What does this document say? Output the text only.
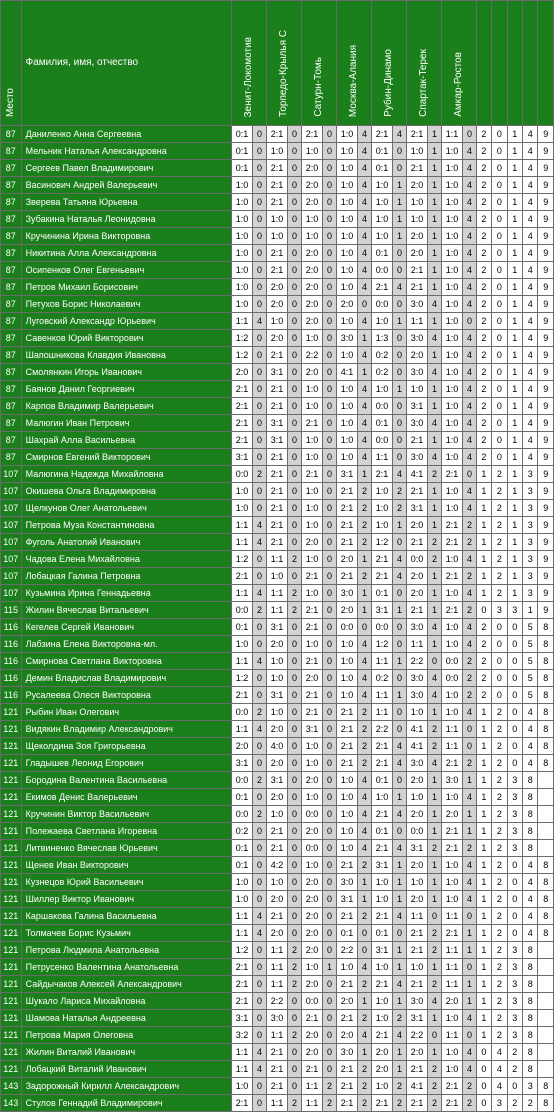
Место	Фамилия, имя, отчество	Зенит-Локомотив		Торпедо-Крылья С		Сатурн-Томь		Москва-Алания		Рубин-Динамо		Спартак-Терек		Амкар-Ростов						
87	Даниленко Анна Сергеевна	0:1	0	2:1	0	2:1	0	1:0	4	2:1	4	2:1	1	1:1	0	2	0	1	4	9
87	Мельник Наталья Александровна	0:1	0	1:0	0	1:0	0	1:0	4	0:1	0	1:0	1	1:0	4	2	0	1	4	9
87	Сергеев Павел Владимирович	0:1	0	2:1	0	2:0	0	1:0	4	0:1	0	2:1	1	1:0	4	2	0	1	4	9
87	Васинович Андрей Валерьевич	1:0	0	2:1	0	2:0	0	1:0	4	1:0	1	2:0	1	1:0	4	2	0	1	4	9
87	Зверева Татьяна Юрьевна	1:0	0	2:1	0	2:0	0	1:0	4	1:0	1	1:0	1	1:0	4	2	0	1	4	9
87	Зубакина Наталья Леонидовна	1:0	0	1:0	0	1:0	0	1:0	4	1:0	1	1:0	1	1:0	4	2	0	1	4	9
87	Кручинина Ирина Викторовна	1:0	0	1:0	0	1:0	0	1:0	4	1:0	1	2:0	1	1:0	4	2	0	1	4	9
87	Никитина Алла Александровна	1:0	0	2:1	0	2:0	0	1:0	4	0:1	0	2:0	1	1:0	4	2	0	1	4	9
87	Осипенков Олег Евгеньевич	1:0	0	2:1	0	2:0	0	1:0	4	0:0	0	2:1	1	1:0	4	2	0	1	4	9
87	Петров Михаил Борисович	1:0	0	2:0	0	2:0	0	1:0	4	2:1	4	2:1	1	1:0	4	2	0	1	4	9
87	Петухов Борис Николаевич	1:0	0	2:0	0	2:0	0	2:0	0	0:0	0	3:0	4	1:0	4	2	0	1	4	9
87	Луговский Александр Юрьевич	1:1	4	1:0	0	2:0	0	1:0	4	1:0	1	1:1	1	1:0	0	2	0	1	4	9
87	Савенков Юрий Викторович	1:2	0	2:0	0	1:0	0	3:0	1	1:3	0	3:0	4	1:0	4	2	0	1	4	9
87	Шапошникова Клавдия Ивановна	1:2	0	2:1	0	2:2	0	1:0	4	0:2	0	2:0	1	1:0	4	2	0	1	4	9
87	Смолянкин Игорь Иванович	2:0	0	3:1	0	2:0	0	4:1	1	0:2	0	3:0	4	1:0	4	2	0	1	4	9
87	Баянов Данил Георгиевич	2:1	0	2:1	0	1:0	0	1:0	4	1:0	1	1:0	1	1:0	4	2	0	1	4	9
87	Карпов Владимир Валерьевич	2:1	0	2:1	0	1:0	0	1:0	4	0:0	0	3:1	1	1:0	4	2	0	1	4	9
87	Малюгин Иван Петрович	2:1	0	3:1	0	2:1	0	1:0	4	0:1	0	3:0	4	1:0	4	2	0	1	4	9
87	Шахрай Алла Васильевна	2:1	0	3:1	0	1:0	0	1:0	4	0:0	0	2:1	1	1:0	4	2	0	1	4	9
87	Смирнов Евгений Викторович	3:1	0	2:1	0	1:0	0	1:0	4	1:1	0	3:0	4	1:0	4	2	0	1	4	9
107	Малюгина Надежда Михайловна	0:0	2	2:1	0	2:1	0	3:1	1	2:1	4	4:1	2	2:1	0	1	2	1	3	9
107	Окишева Ольга Владимировна	1:0	0	2:1	0	1:0	0	2:1	2	1:0	2	2:1	1	1:0	4	1	2	1	3	9
107	Щелкунов Олег Анатольевич	1:0	0	2:1	0	1:0	0	2:1	2	1:0	2	3:1	1	1:0	4	1	2	1	3	9
107	Петрова Муза Константиновна	1:1	4	2:1	0	1:0	0	2:1	2	1:0	1	2:0	1	2:1	2	1	2	1	3	9
107	Фуголь Анатолий Иванович	1:1	4	2:1	0	2:0	0	2:1	2	1:2	0	2:1	2	2:1	2	1	2	1	3	9
107	Чадова Елена Михайловна	1:2	0	1:1	2	1:0	0	2:0	1	2:1	4	0:0	2	1:0	4	1	2	1	3	9
107	Лобацкая Галина Петровна	2:1	0	1:0	0	2:1	0	2:1	2	2:1	4	2:0	1	2:1	2	1	2	1	3	9
107	Кузьмина Ирина Геннадьевна	1:1	4	1:1	2	1:0	0	3:0	1	0:1	0	2:0	1	1:0	4	1	2	1	3	9
115	Жилин Вячеслав Витальевич	0:0	2	1:1	2	2:1	0	2:0	1	3:1	1	2:1	1	2:1	2	0	3	3	1	9
116	Кегелев Сергей Иванович	0:1	0	3:1	0	2:1	0	0:0	0	0:0	0	3:0	4	1:0	4	2	0	0	5	8
116	Лабзина Елена Викторовна-мл.	1:0	0	2:0	0	1:0	0	1:0	4	1:2	0	1:1	1	1:0	4	2	0	0	5	8
116	Смирнова Светлана Викторовна	1:1	4	1:0	0	2:1	0	1:0	4	1:1	1	2:2	0	0:0	2	2	0	0	5	8
116	Демин Владислав Владимирович	1:2	0	1:0	0	2:0	0	1:0	4	0:2	0	3:0	4	0:0	2	2	0	0	5	8
116	Русалеева Олеся Викторовна	2:1	0	3:1	0	2:1	0	1:0	4	1:1	1	3:0	4	1:0	2	2	0	0	5	8
121	Рыбин Иван Олегович	0:0	2	1:0	0	2:1	0	2:1	2	1:1	0	1:0	1	1:0	4	1	2	0	4	8
121	Видякин Владимир Александрович	1:1	4	2:0	0	3:1	0	2:1	2	2:2	0	4:1	2	1:1	0	1	2	0	4	8
121	Щеколдина Зоя Григорьевна	2:0	0	4:0	0	1:0	0	2:1	2	2:1	4	4:1	2	1:1	0	1	2	0	4	8
121	Гладышев Леонид Егорович	3:1	0	2:0	0	1:0	0	2:1	2	2:1	4	3:0	4	2:1	2	1	2	0	4	8
121	Бородина Валентина Васильевна	0:0	2	3:1	0	2:0	0	1:0	4	0:1	0	2:0	1	3:0	1	1	2	3	8	
121	Екимов Денис Валерьевич	0:1	0	2:0	0	1:0	0	1:0	4	1:0	1	1:0	1	1:0	4	1	2	3	8	
121	Кручинин Виктор Васильевич	0:0	2	1:0	0	0:0	0	1:0	4	2:1	4	2:0	1	2:0	1	1	2	3	8	
121	Полежаева Светлана Игоревна	0:2	0	2:1	0	2:0	0	1:0	4	0:1	0	0:0	1	2:1	1	1	2	3	8	
121	Литвиненко Вячеслав Юрьевич	0:1	0	2:1	0	0:0	0	1:0	4	2:1	4	3:1	2	2:1	2	1	2	3	8	
121	Щенев Иван Викторович	0:1	0	4:2	0	1:0	0	2:1	2	3:1	1	2:0	1	1:0	4	1	2	0	4	8
121	Кузнецов Юрий Васильевич	1:0	0	1:0	0	2:0	0	3:0	1	1:0	1	1:0	1	1:0	4	1	2	0	4	8
121	Шиллер Виктор Иванович	1:0	0	2:0	0	2:0	0	3:1	1	1:0	1	2:0	1	1:0	4	1	2	0	4	8
121	Каршакова Галина Васильевна	1:1	4	2:1	0	2:0	0	2:1	2	2:1	4	1:1	0	1:1	0	1	2	0	4	8
121	Толмачев Борис Кузьмич	1:1	4	2:0	0	2:0	0	0:1	0	0:1	0	2:1	2	2:1	1	1	2	0	4	8
121	Петрова Людмила Анатольевна	1:2	0	1:1	2	2:0	0	2:2	0	3:1	1	2:1	2	1:1	1	1	2	3	8	
121	Петрусенко Валентина Анатольевна	2:1	0	1:1	2	1:0	1	1:0	4	1:0	1	1:0	1	1:1	0	1	2	3	8	
121	Сайдычаков Алексей Александрович	2:1	0	1:1	2	2:0	0	2:1	2	2:1	4	2:1	2	1:1	1	1	2	3	8	
121	Шукало Лариса Михайловна	2:1	0	2:2	0	0:0	0	2:0	1	1:0	1	3:0	4	2:0	1	1	2	3	8	
121	Шамова Наталья Андреевна	3:1	0	3:0	0	2:1	0	2:1	2	1:0	2	3:1	1	1:0	4	1	2	3	8	
121	Петрова Мария Олеговна	3:2	0	1:1	2	2:0	0	2:0	4	2:1	4	2:2	0	1:1	0	1	2	3	8	
121	Жилин Виталий Иванович	1:1	4	2:1	0	2:0	0	3:0	1	2:0	1	2:0	1	1:0	4	0	4	2	8	
121	Лобацкий Виталий Иванович	1:1	4	2:1	0	2:1	0	2:1	2	2:0	1	2:1	2	1:0	4	0	4	2	8	
143	Задорожный Кирилл Александрович	1:0	0	2:1	0	1:1	2	2:1	2	1:0	2	4:1	2	2:1	2	0	4	0	3	8
143	Стулов Геннадий Владимирович	2:1	0	1:1	2	1:1	2	2:1	2	2:1	2	2:1	2	2:1	2	0	3	2	2	8
